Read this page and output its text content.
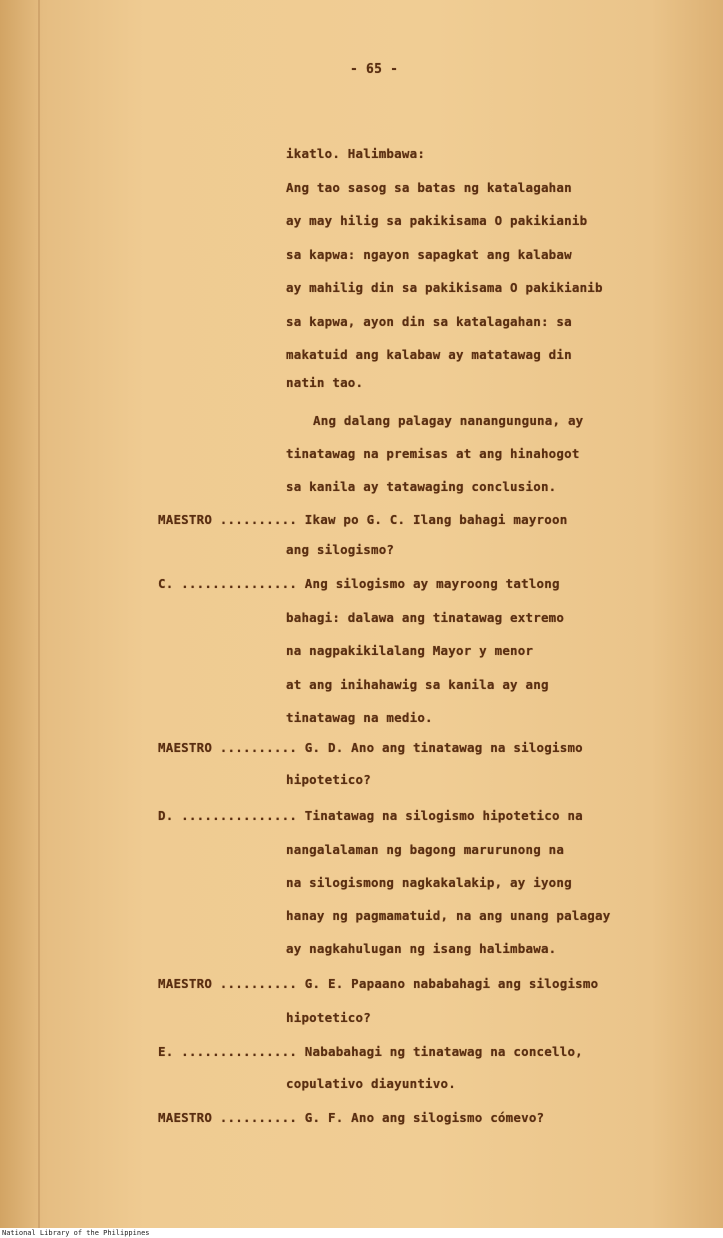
- 65 -
ikatlo. Halimbawa:
Ang tao sasog sa batas ng katalagahan
ay may hilig sa pakikisama O pakikianib
sa kapwa: ngayon sapagkat ang kalabaw
ay mahilig din sa pakikisama O pakikianib
sa kapwa, ayon din sa katalagahan: sa
makatuid ang kalabaw ay matatawag din
natin tao.
Ang dalang palagay nanangunguna, ay
tinatawag na premisas at ang hinahogot
sa kanila ay tatawaging conclusion.
MAESTRO .......... Ikaw po G. C. Ilang bahagi mayroon
ang silogismo?
C. ............... Ang silogismo ay mayroong tatlong
bahagi: dalawa ang tinatawag extremo
na nagpakikilalang Mayor y menor
at ang inihahawig sa kanila ay ang
tinatawag na medio.
MAESTRO .......... G. D. Ano ang tinatawag na silogismo
hipotetico?
D. ............... Tinatawag na silogismo hipotetico na
nangalalaman ng bagong marurunong na
na silogismong nagkakalakip, ay iyong
hanay ng pagmamatuid, na ang unang palagay
ay nagkahulugan ng isang halimbawa.
MAESTRO .......... G. E. Papaano nababahagi ang silogismo
hipotetico?
E. ............... Nababahagi ng tinatawag na concello,
copulativo diayuntivo.
MAESTRO .......... G. F. Ano ang silogismo cómevo?
National Library of the Philippines
